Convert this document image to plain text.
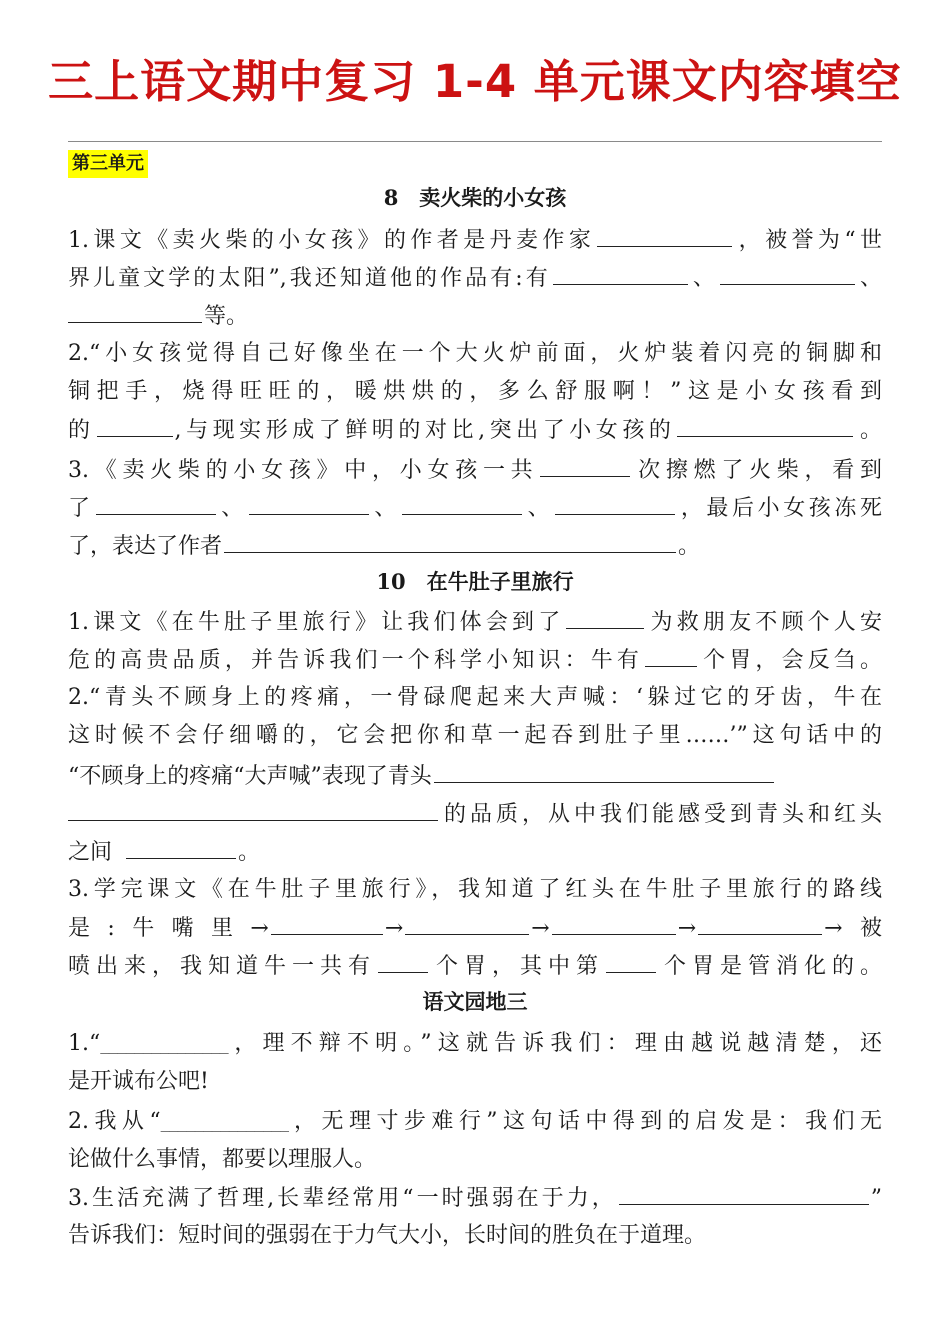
三上语文期中复习 1-4 单元课文内容填空
第三单元
8　卖火柴的小女孩
1.课文《卖火柴的小女孩》的作者是丹麦作家	，被誉为“世
界儿童文学的太阳”,我还知道他的作品有:有	、	、
等。
2.“小女孩觉得自己好像坐在一个大火炉前面，火炉装着闪亮的铜脚和
铜把手，烧得旺旺的，暖烘烘的，多么舒服啊！”这是小女孩看到
的	,与现实形成了鲜明的对比,突出了小女孩的	。
3.《卖火柴的小女孩》中，小女孩一共	次擦燃了火柴，看到
了	、	、	、	，最后小女孩冻死
了，表达了作者	。
10　在牛肚子里旅行
1.课文《在牛肚子里旅行》让我们体会到了	为救朋友不顾个人安
危的高贵品质，并告诉我们一个科学小知识：牛有	个胃，会反刍。
2.“青头不顾身上的疼痛，一骨碌爬起来大声喊：‘躲过它的牙齿，牛在
这时候不会仔细嚼的，它会把你和草一起吞到肚子里……’”这句话中的
“不顾身上的疼痛“大声喊”表现了青头
的品质，从中我们能感受到青头和红头
之间	。
3.学完课文《在牛肚子里旅行》，我知道了红头在牛肚子里旅行的路线
是:牛嘴里→	→	→	→	→被
喷出来，我知道牛一共有 个胃，其中第 个胃是管消化的。
语文园地三
1.“_______________，理不辩不明。”这就告诉我们：理由越说越清楚，还
是开诚布公吧!
2.我从“_______________，无理寸步难行”这句话中得到的启发是：我们无
论做什么事情，都要以理服人。
3.生活充满了哲理,长辈经常用“一时强弱在于力，	”
告诉我们：短时间的强弱在于力气大小，长时间的胜负在于道理。
